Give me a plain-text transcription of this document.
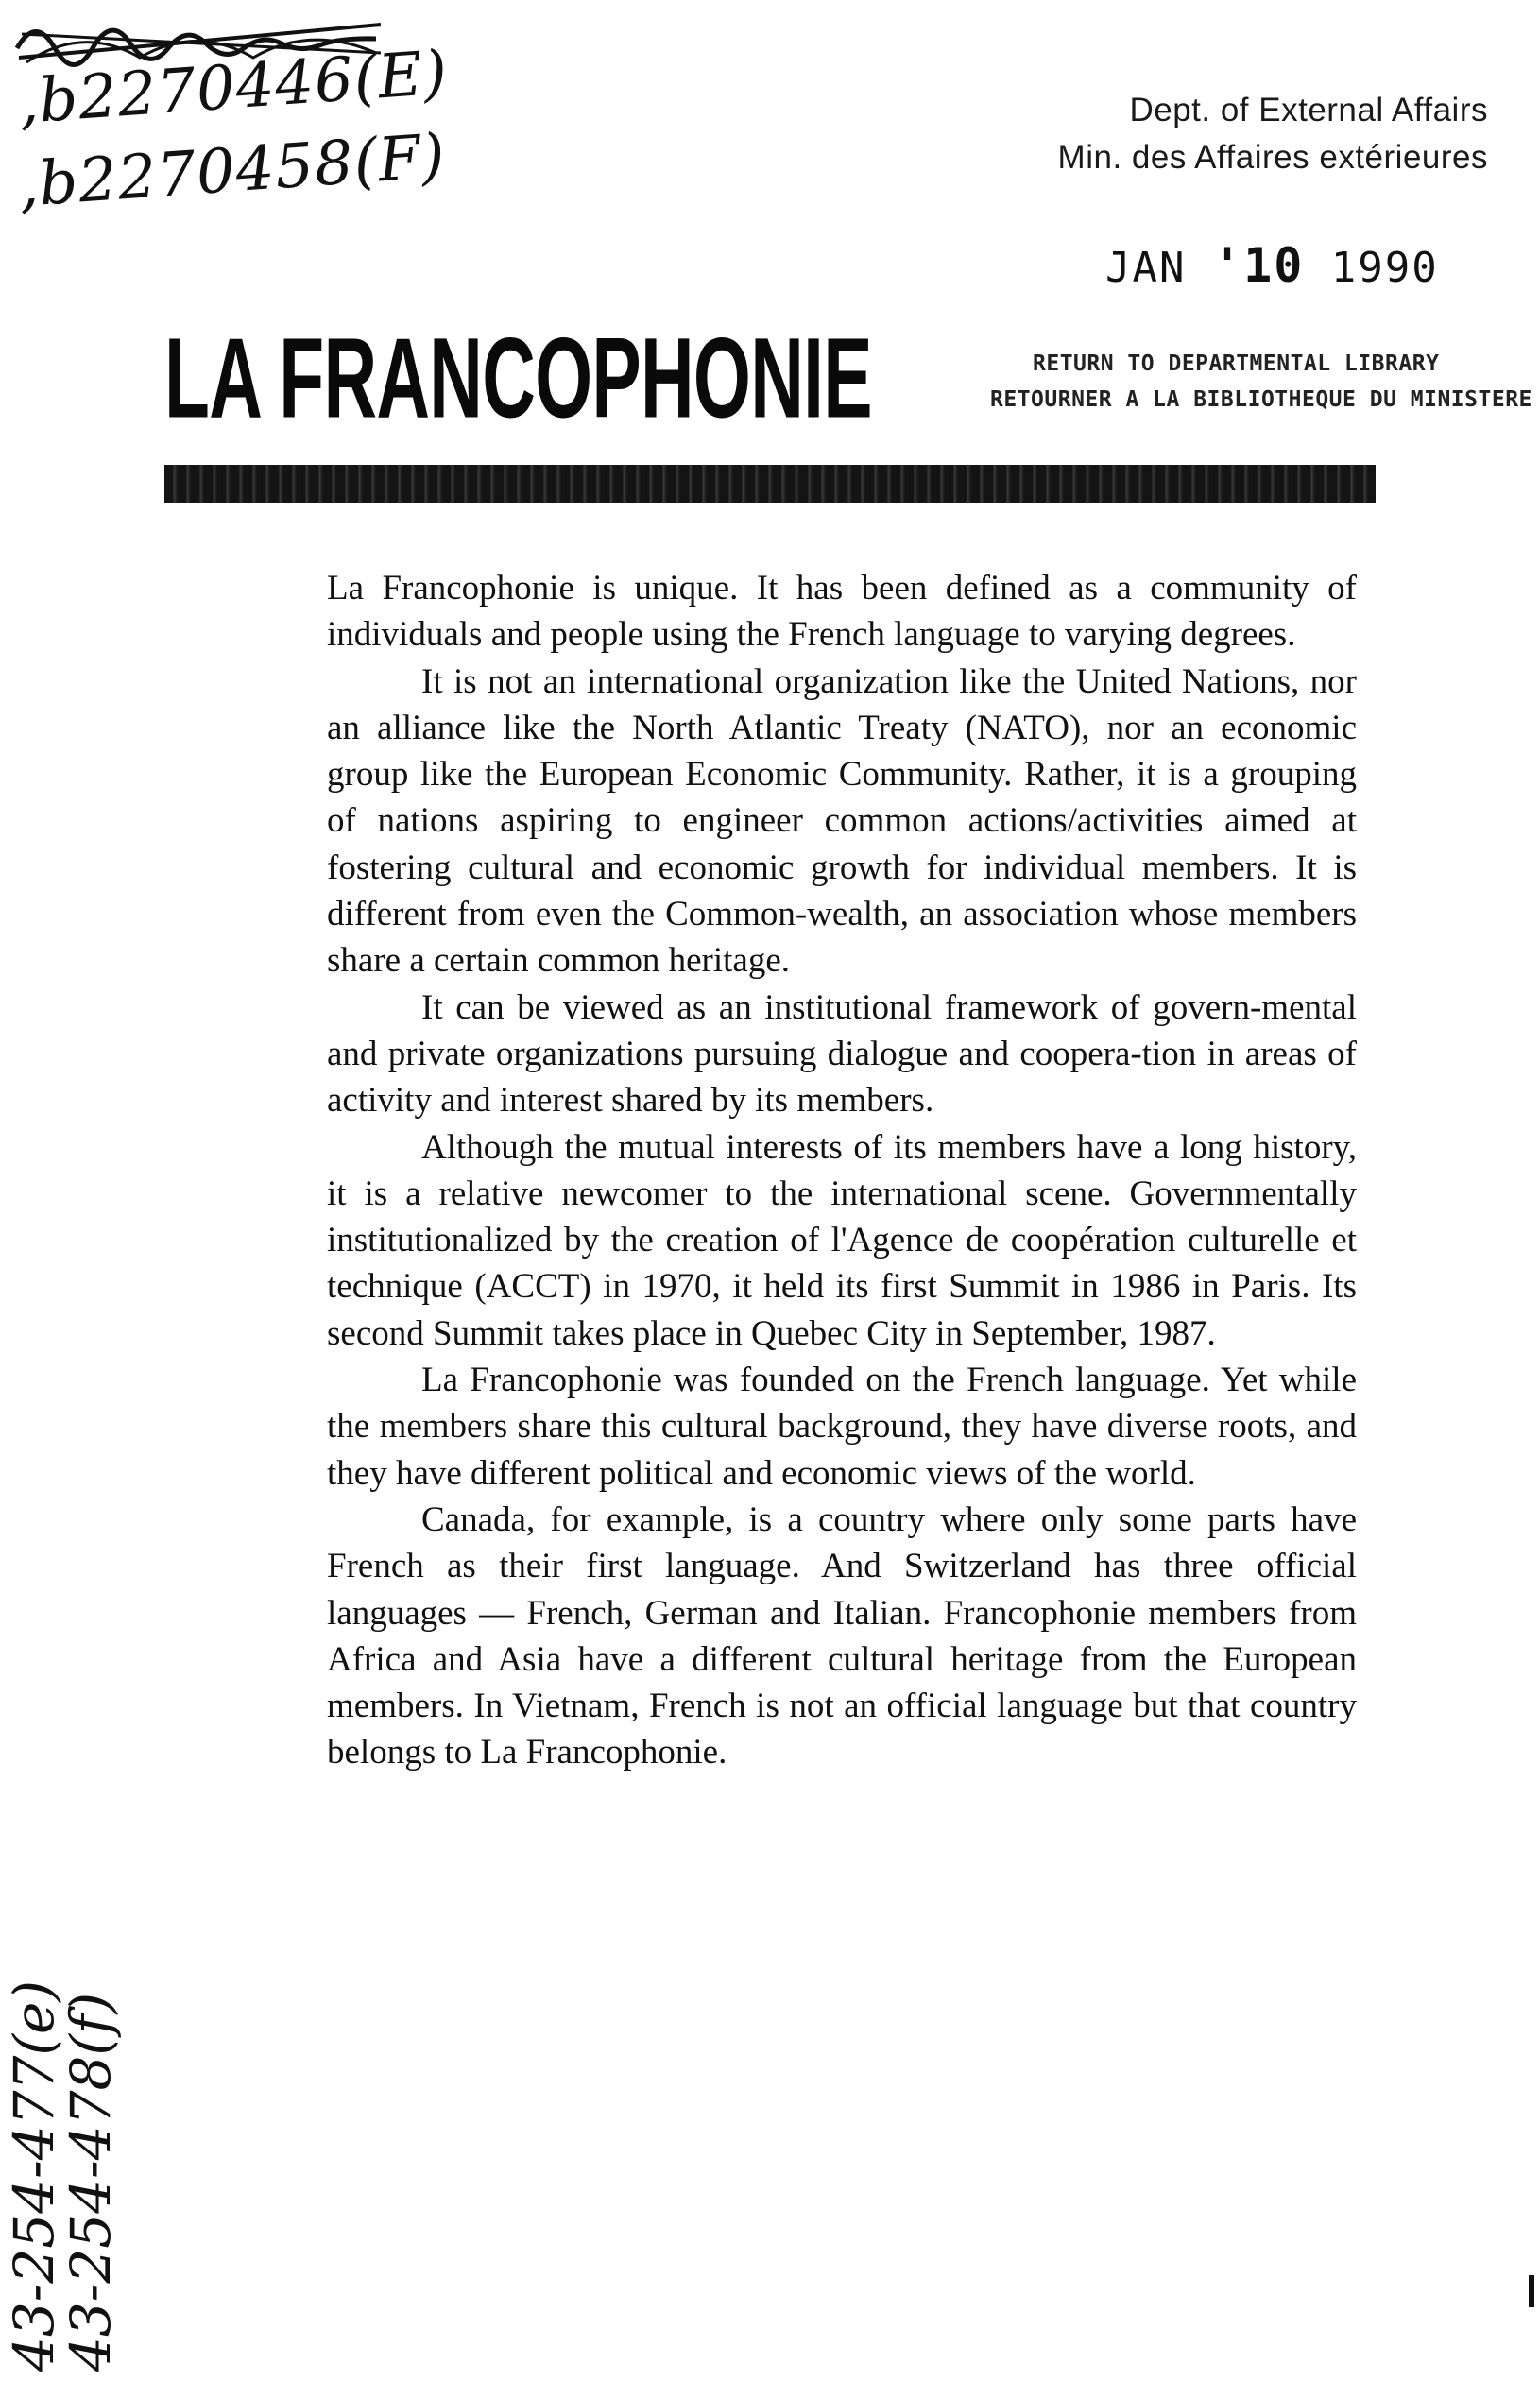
,b2270446(E)
,b2270458(F)
Dept. of External Affairs
Min. des Affaires extérieures
JAN '10 1990
LA FRANCOPHONIE	RETURN TO DEPARTMENTAL LIBRARY
RETOURNER A LA BIBLIOTHEQUE DU MINISTERE

La Francophonie is unique. It has been defined as a community of individuals and people using the French language to varying degrees.

It is not an international organization like the United Nations, nor an alliance like the North Atlantic Treaty (NATO), nor an economic group like the European Economic Community. Rather, it is a grouping of nations aspiring to engineer common actions/activities aimed at fostering cultural and economic growth for individual members. It is different from even the Common-wealth, an association whose members share a certain common heritage.

It can be viewed as an institutional framework of govern-mental and private organizations pursuing dialogue and coopera-tion in areas of activity and interest shared by its members.

Although the mutual interests of its members have a long history, it is a relative newcomer to the international scene. Governmentally institutionalized by the creation of l'Agence de coopération culturelle et technique (ACCT) in 1970, it held its first Summit in 1986 in Paris. Its second Summit takes place in Quebec City in September, 1987.

La Francophonie was founded on the French language. Yet while the members share this cultural background, they have diverse roots, and they have different political and economic views of the world.

Canada, for example, is a country where only some parts have French as their first language. And Switzerland has three official languages — French, German and Italian. Francophonie members from Africa and Asia have a different cultural heritage from the European members. In Vietnam, French is not an official language but that country belongs to La Francophonie.

43-254-477(e)
43-254-478(f)
